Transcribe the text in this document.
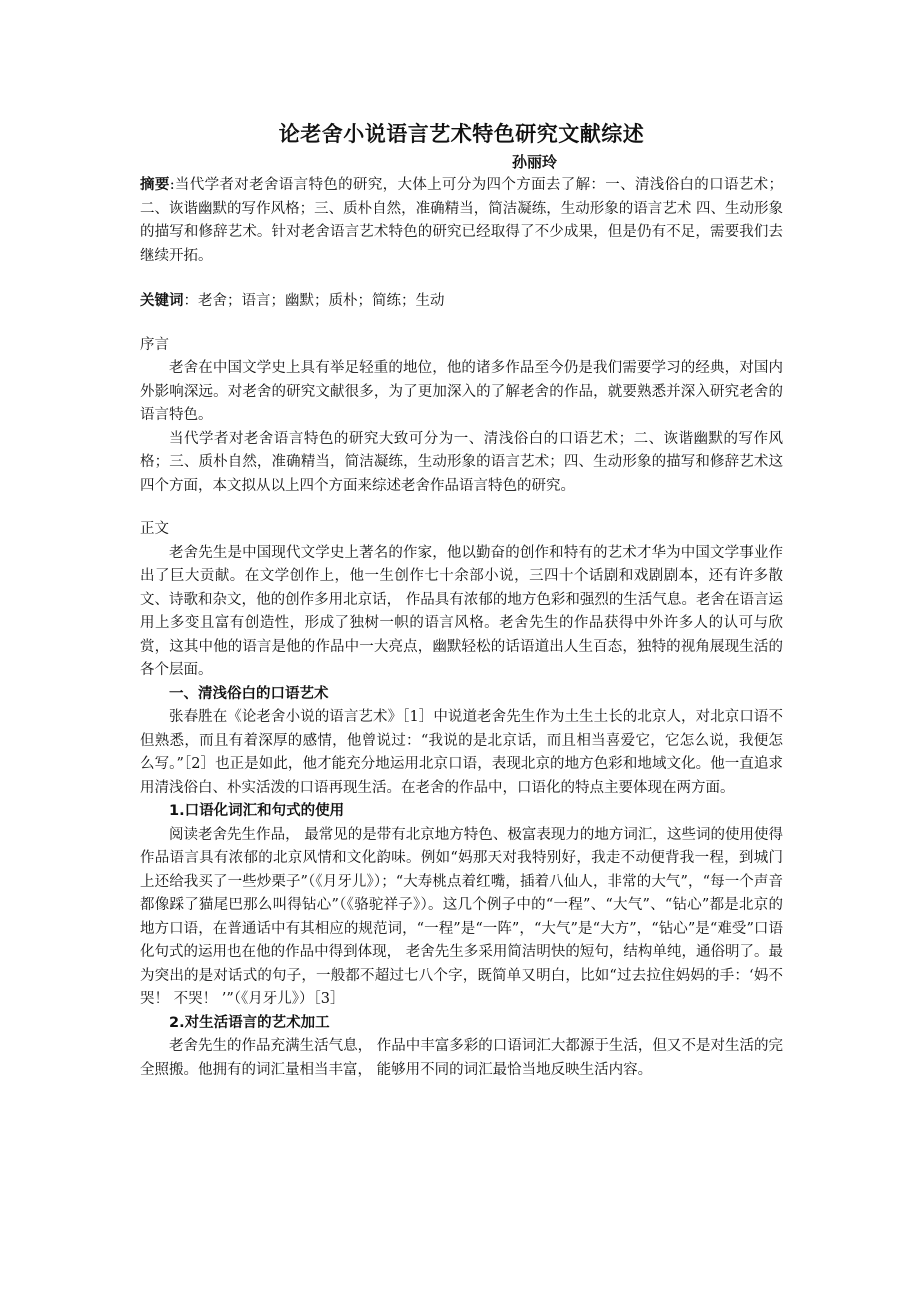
论老舍小说语言艺术特色研究文献综述
孙丽玲

摘要:当代学者对老舍语言特色的研究，大体上可分为四个方面去了解：一、清浅俗白的口语艺术；二、诙谐幽默的写作风格；三、质朴自然，准确精当，简洁凝练，生动形象的语言艺术 四、生动形象的描写和修辞艺术。针对老舍语言艺术特色的研究已经取得了不少成果，但是仍有不足，需要我们去继续开拓。

关键词：老舍；语言；幽默；质朴；简练；生动

序言

老舍在中国文学史上具有举足轻重的地位，他的诸多作品至今仍是我们需要学习的经典，对国内外影响深远。对老舍的研究文献很多，为了更加深入的了解老舍的作品，就要熟悉并深入研究老舍的语言特色。

当代学者对老舍语言特色的研究大致可分为一、清浅俗白的口语艺术；二、诙谐幽默的写作风格；三、质朴自然，准确精当，简洁凝练，生动形象的语言艺术；四、生动形象的描写和修辞艺术这四个方面，本文拟从以上四个方面来综述老舍作品语言特色的研究。

正文

老舍先生是中国现代文学史上著名的作家，他以勤奋的创作和特有的艺术才华为中国文学事业作出了巨大贡献。在文学创作上，他一生创作七十余部小说，三四十个话剧和戏剧剧本，还有许多散文、诗歌和杂文，他的创作多用北京话， 作品具有浓郁的地方色彩和强烈的生活气息。老舍在语言运用上多变且富有创造性，形成了独树一帜的语言风格。老舍先生的作品获得中外许多人的认可与欣赏，这其中他的语言是他的作品中一大亮点，幽默轻松的话语道出人生百态，独特的视角展现生活的各个层面。

一、清浅俗白的口语艺术

张春胜在《论老舍小说的语言艺术》［1］中说道老舍先生作为土生土长的北京人，对北京口语不但熟悉，而且有着深厚的感情，他曾说过：“我说的是北京话，而且相当喜爱它，它怎么说，我便怎么写。”［2］也正是如此，他才能充分地运用北京口语，表现北京的地方色彩和地域文化。他一直追求用清浅俗白、朴实活泼的口语再现生活。在老舍的作品中，口语化的特点主要体现在两方面。

1.口语化词汇和句式的使用

阅读老舍先生作品， 最常见的是带有北京地方特色、极富表现力的地方词汇，这些词的使用使得作品语言具有浓郁的北京风情和文化韵味。例如“妈那天对我特别好，我走不动便背我一程，到城门上还给我买了一些炒栗子”（《月牙儿》）；“大寿桃点着红嘴，插着八仙人，非常的大气”，“每一个声音都像踩了猫尾巴那么叫得钻心”（《骆驼祥子》）。这几个例子中的“一程”、“大气”、“钻心”都是北京的地方口语，在普通话中有其相应的规范词，“一程”是“一阵”，“大气”是“大方”，“钻心”是“难受”口语化句式的运用也在他的作品中得到体现， 老舍先生多采用简洁明快的短句，结构单纯，通俗明了。最为突出的是对话式的句子，一般都不超过七八个字，既简单又明白，比如“过去拉住妈妈的手：‘妈不哭！ 不哭！ ’”（《月牙儿》）［3］

2.对生活语言的艺术加工

老舍先生的作品充满生活气息， 作品中丰富多彩的口语词汇大都源于生活，但又不是对生活的完全照搬。他拥有的词汇量相当丰富， 能够用不同的词汇最恰当地反映生活内容。
